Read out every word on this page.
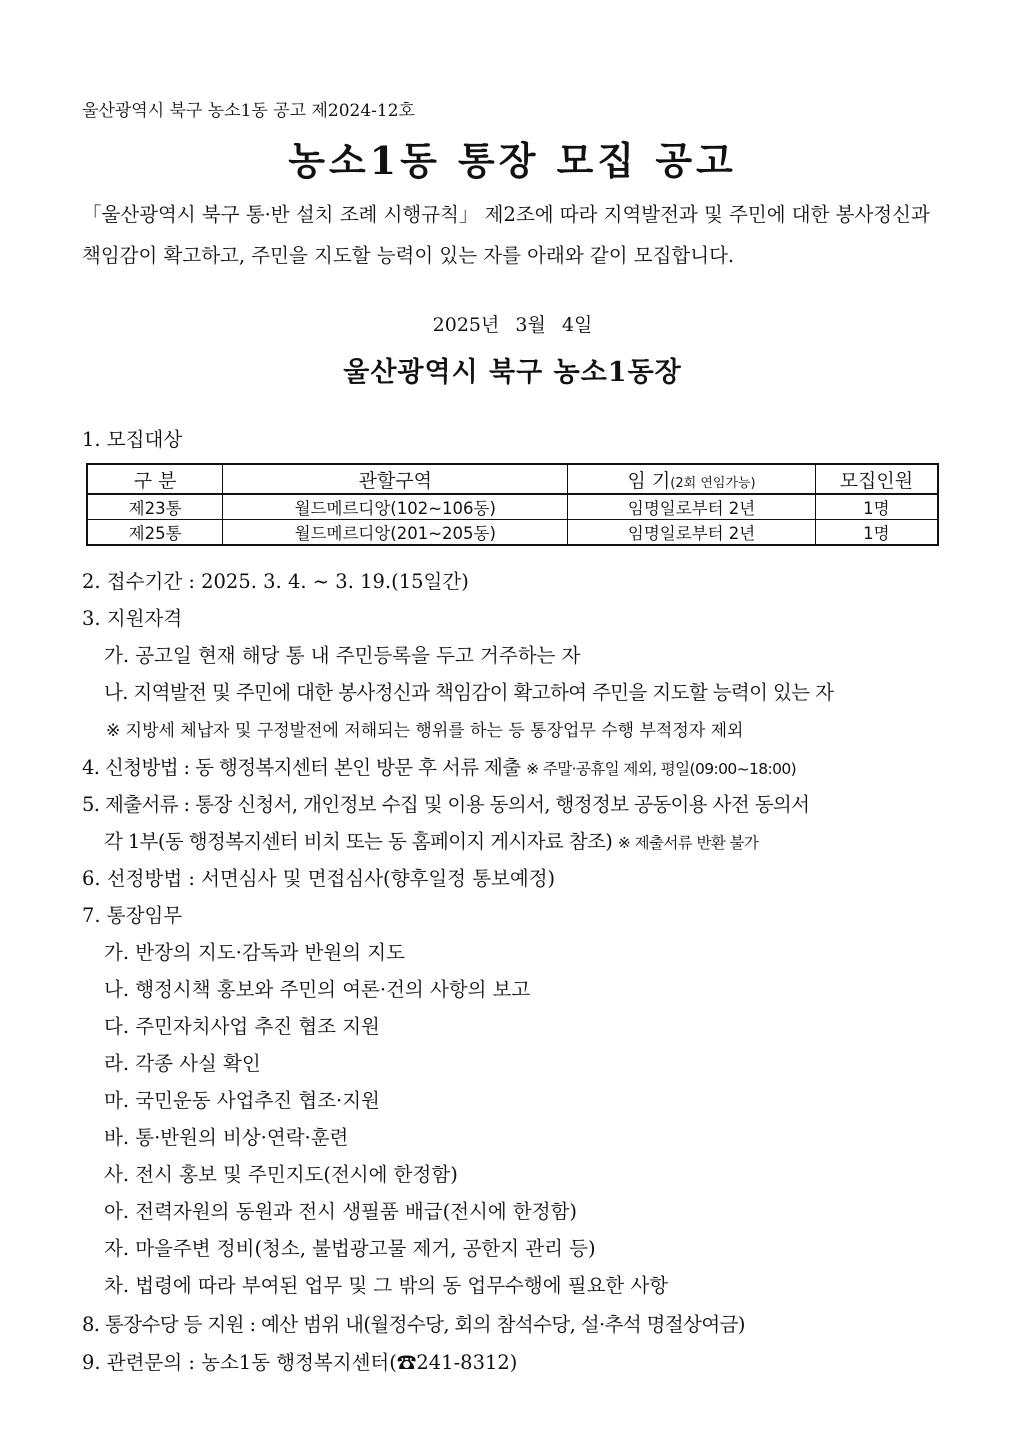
울산광역시 북구 농소1동 공고 제2024-12호
농소1동 통장 모집 공고
「울산광역시 북구 통·반 설치 조례 시행규칙」 제2조에 따라 지역발전과 및 주민에 대한 봉사정신과 책임감이 확고하고, 주민을 지도할 능력이 있는 자를 아래와 같이 모집합니다.
2025년 3월 4일
울산광역시 북구 농소1동장
1. 모집대상
구 분	관할구역	임 기(2회 연임가능)	모집인원
제23통	월드메르디앙(102~106동)	임명일로부터 2년	1명
제25통	월드메르디앙(201~205동)	임명일로부터 2년	1명
2. 접수기간 : 2025. 3. 4. ~ 3. 19.(15일간)
3. 지원자격
가. 공고일 현재 해당 통 내 주민등록을 두고 거주하는 자
나. 지역발전 및 주민에 대한 봉사정신과 책임감이 확고하여 주민을 지도할 능력이 있는 자
※ 지방세 체납자 및 구정발전에 저해되는 행위를 하는 등 통장업무 수행 부적정자 제외
4. 신청방법 : 동 행정복지센터 본인 방문 후 서류 제출 ※ 주말·공휴일 제외, 평일(09:00~18:00)
5. 제출서류 : 통장 신청서, 개인정보 수집 및 이용 동의서, 행정정보 공동이용 사전 동의서
각 1부(동 행정복지센터 비치 또는 동 홈페이지 게시자료 참조) ※ 제출서류 반환 불가
6. 선정방법 : 서면심사 및 면접심사(향후일정 통보예정)
7. 통장임무
가. 반장의 지도·감독과 반원의 지도
나. 행정시책 홍보와 주민의 여론·건의 사항의 보고
다. 주민자치사업 추진 협조 지원
라. 각종 사실 확인
마. 국민운동 사업추진 협조·지원
바. 통·반원의 비상·연락·훈련
사. 전시 홍보 및 주민지도(전시에 한정함)
아. 전력자원의 동원과 전시 생필품 배급(전시에 한정함)
자. 마을주변 정비(청소, 불법광고물 제거, 공한지 관리 등)
차. 법령에 따라 부여된 업무 및 그 밖의 동 업무수행에 필요한 사항
8. 통장수당 등 지원 : 예산 범위 내(월정수당, 회의 참석수당, 설·추석 명절상여금)
9. 관련문의 : 농소1동 행정복지센터(☎241-8312)
